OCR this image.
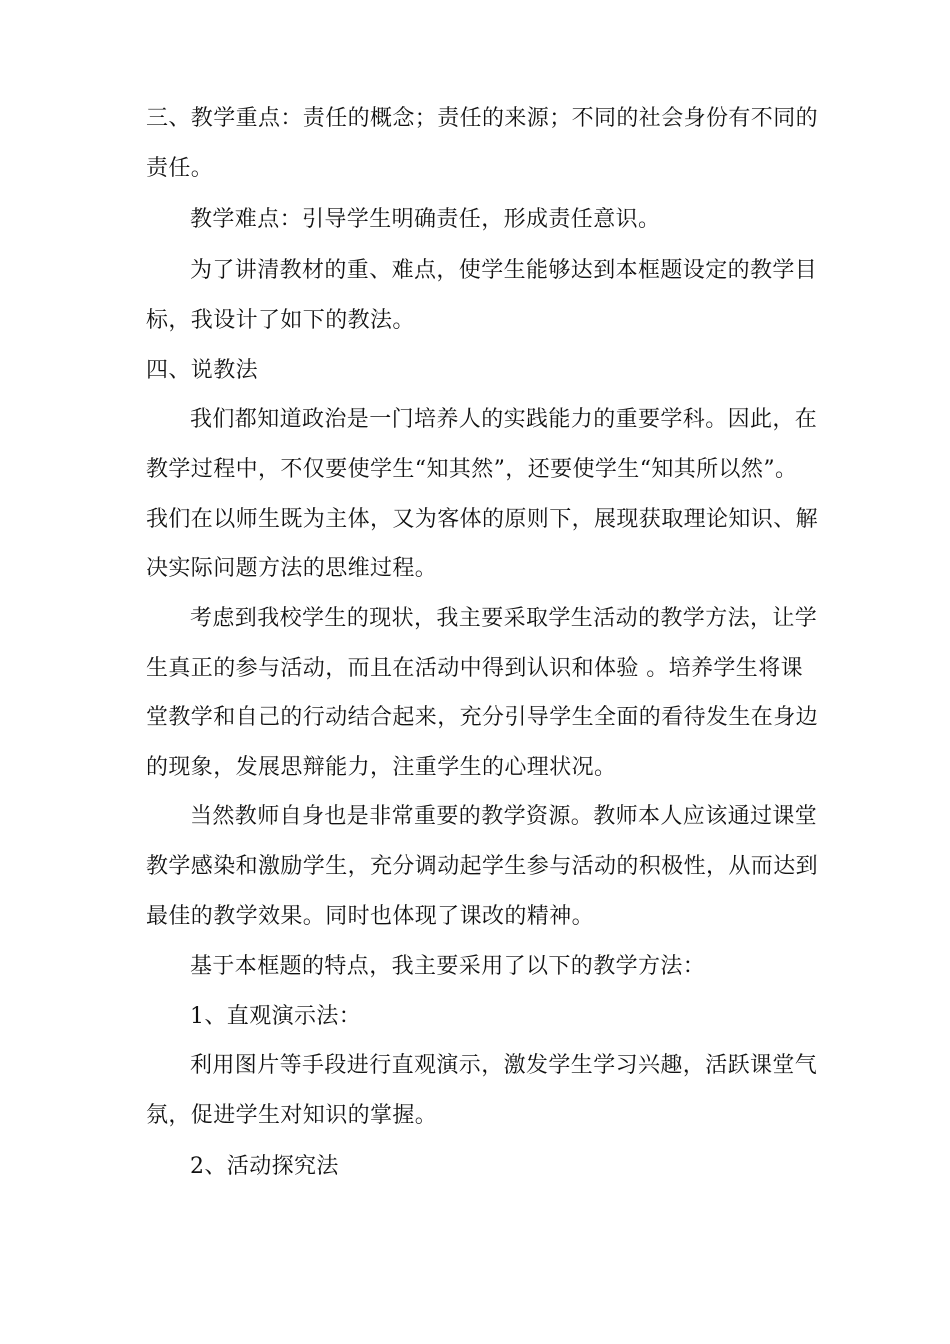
三、教学重点：责任的概念；责任的来源；不同的社会身份有不同的
责任。
教学难点：引导学生明确责任，形成责任意识。
为了讲清教材的重、难点，使学生能够达到本框题设定的教学目
标，我设计了如下的教法。
四、说教法
我们都知道政治是一门培养人的实践能力的重要学科。因此，在
教学过程中，不仅要使学生“知其然”，还要使学生“知其所以然”。
我们在以师生既为主体，又为客体的原则下，展现获取理论知识、解
决实际问题方法的思维过程。
考虑到我校学生的现状，我主要采取学生活动的教学方法，让学
生真正的参与活动，而且在活动中得到认识和体验 。培养学生将课
堂教学和自己的行动结合起来，充分引导学生全面的看待发生在身边
的现象，发展思辩能力，注重学生的心理状况。
当然教师自身也是非常重要的教学资源。教师本人应该通过课堂
教学感染和激励学生，充分调动起学生参与活动的积极性，从而达到
最佳的教学效果。同时也体现了课改的精神。
基于本框题的特点，我主要采用了以下的教学方法：
1、直观演示法：
利用图片等手段进行直观演示，激发学生学习兴趣，活跃课堂气
氛，促进学生对知识的掌握。
2、活动探究法
